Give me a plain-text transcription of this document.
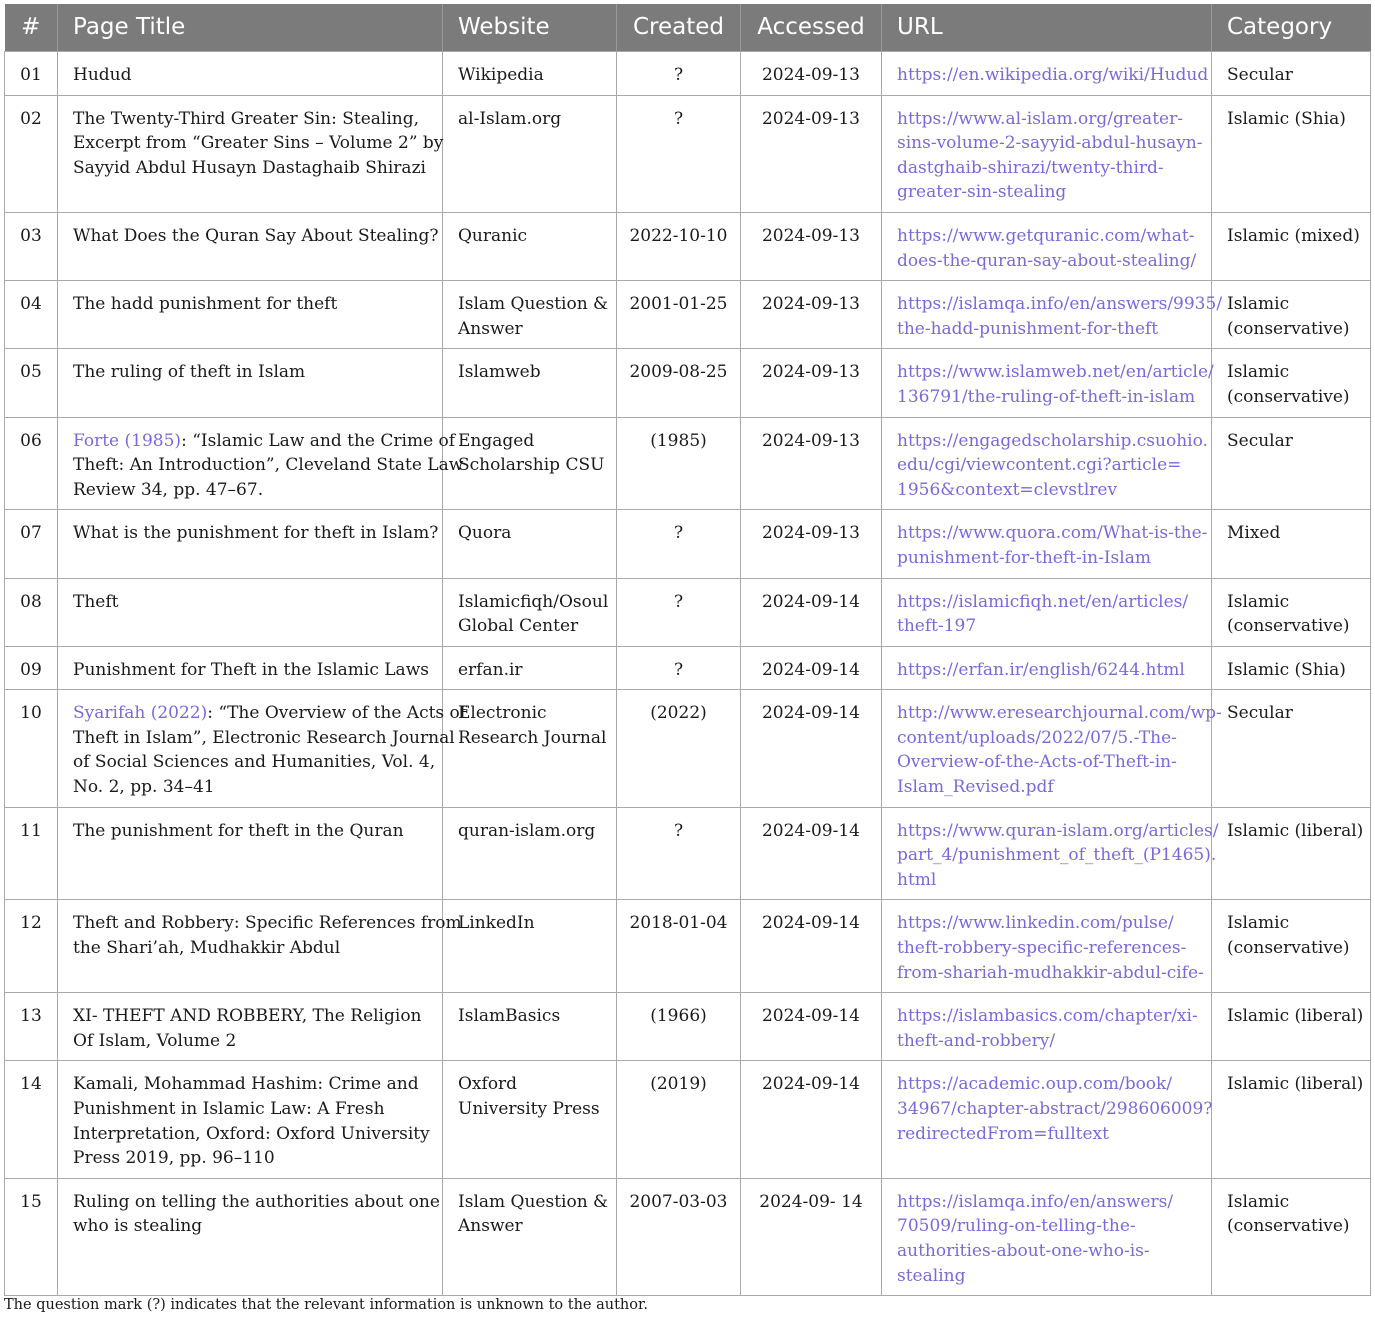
#	Page Title	Website	Created	Accessed	URL	Category
01	Hudud	Wikipedia	?	2024-09-13	https://en.wikipedia.org/wiki/Hudud	Secular

02	The Twenty-Third Greater Sin: Stealing,
Excerpt from “Greater Sins – Volume 2” by
Sayyid Abdul Husayn Dastaghaib Shirazi	al-Islam.org	?	2024-09-13	https://www.al-islam.org/greater-
sins-volume-2-sayyid-abdul-husayn-
dastghaib-shirazi/twenty-third-
greater-sin-stealing	Islamic (Shia)

03	What Does the Quran Say About Stealing?	Quranic	2022-10-10	2024-09-13	https://www.getquranic.com/what-
does-the-quran-say-about-stealing/	Islamic (mixed)

04	The hadd punishment for theft	Islam Question &
Answer	2001-01-25	2024-09-13	https://islamqa.info/en/answers/9935/
the-hadd-punishment-for-theft	Islamic
(conservative)

05	The ruling of theft in Islam	Islamweb	2009-08-25	2024-09-13	https://www.islamweb.net/en/article/
136791/the-ruling-of-theft-in-islam	Islamic
(conservative)

06	Forte (1985): “Islamic Law and the Crime of
Theft: An Introduction”, Cleveland State Law
Review 34, pp. 47–67.	Engaged
Scholarship CSU	(1985)	2024-09-13	https://engagedscholarship.csuohio.
edu/cgi/viewcontent.cgi?article=
1956&context=clevstlrev	Secular

07	What is the punishment for theft in Islam?	Quora	?	2024-09-13	https://www.quora.com/What-is-the-
punishment-for-theft-in-Islam	Mixed

08	Theft	Islamicfiqh/Osoul
Global Center	?	2024-09-14	https://islamicfiqh.net/en/articles/
theft-197	Islamic
(conservative)

09	Punishment for Theft in the Islamic Laws	erfan.ir	?	2024-09-14	https://erfan.ir/english/6244.html	Islamic (Shia)

10	Syarifah (2022): “The Overview of the Acts of
Theft in Islam”, Electronic Research Journal
of Social Sciences and Humanities, Vol. 4,
No. 2, pp. 34–41	Electronic
Research Journal	(2022)	2024-09-14	http://www.eresearchjournal.com/wp-
content/uploads/2022/07/5.-The-
Overview-of-the-Acts-of-Theft-in-
Islam_Revised.pdf	Secular

11	The punishment for theft in the Quran	quran-islam.org	?	2024-09-14	https://www.quran-islam.org/articles/
part_4/punishment_of_theft_(P1465).
html	Islamic (liberal)

12	Theft and Robbery: Specific References from
the Shari’ah, Mudhakkir Abdul	LinkedIn	2018-01-04	2024-09-14	https://www.linkedin.com/pulse/
theft-robbery-specific-references-
from-shariah-mudhakkir-abdul-cife-	Islamic
(conservative)

13	XI- THEFT AND ROBBERY, The Religion
Of Islam, Volume 2	IslamBasics	(1966)	2024-09-14	https://islambasics.com/chapter/xi-
theft-and-robbery/	Islamic (liberal)

14	Kamali, Mohammad Hashim: Crime and
Punishment in Islamic Law: A Fresh
Interpretation, Oxford: Oxford University
Press 2019, pp. 96–110	Oxford
University Press	(2019)	2024-09-14	https://academic.oup.com/book/
34967/chapter-abstract/298606009?
redirectedFrom=fulltext	Islamic (liberal)

15	Ruling on telling the authorities about one
who is stealing	Islam Question &
Answer	2007-03-03	2024-09- 14	https://islamqa.info/en/answers/
70509/ruling-on-telling-the-
authorities-about-one-who-is-
stealing	Islamic
(conservative)
The question mark (?) indicates that the relevant information is unknown to the author.
